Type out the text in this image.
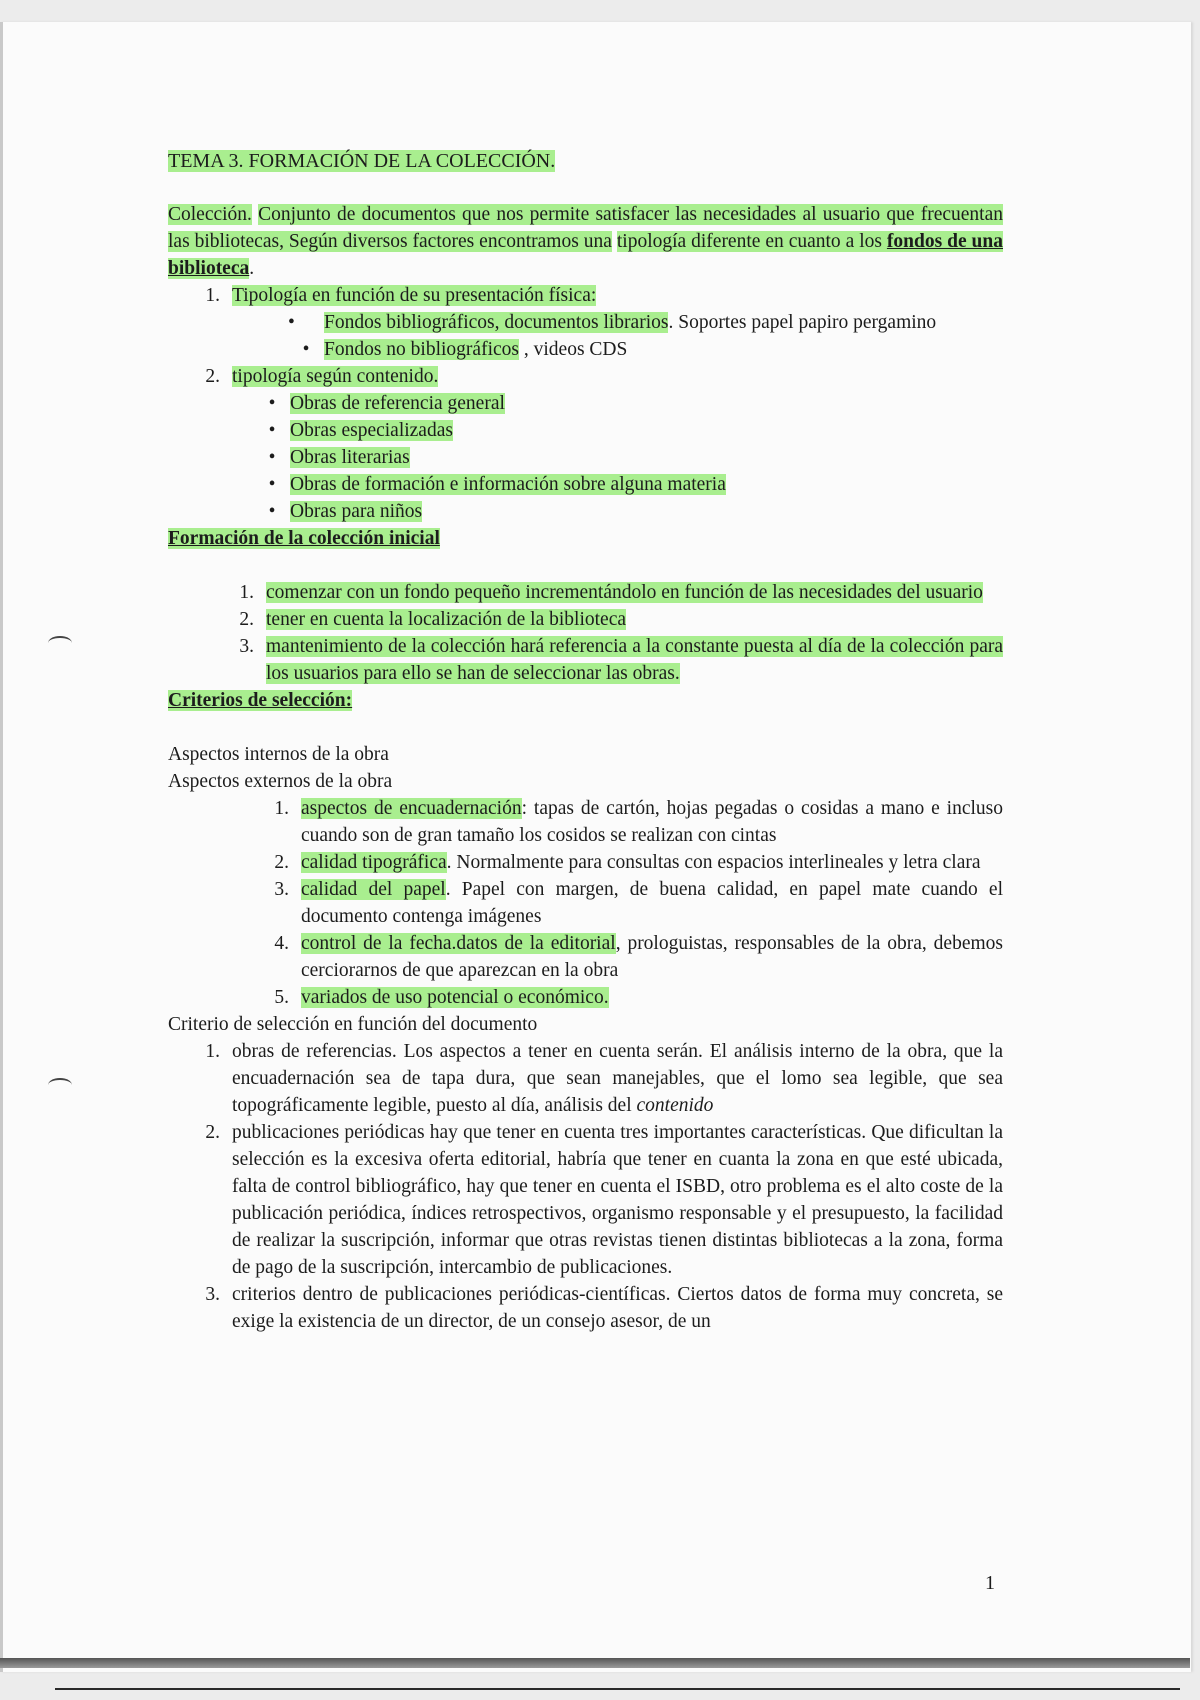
TEMA 3. FORMACIÓN DE LA COLECCIÓN.

Colección. Conjunto de documentos que nos permite satisfacer las necesidades al usuario que frecuentan las bibliotecas, Según diversos factores encontramos una tipología diferente en cuanto a los fondos de una biblioteca.

1. Tipología en función de su presentación física:
•	Fondos bibliográficos, documentos librarios. Soportes papel papiro pergamino
• Fondos no bibliográficos , videos CDS
2. tipología según contenido.
• Obras de referencia general
• Obras especializadas
• Obras literarias
• Obras de formación e información sobre alguna materia
• Obras para niños

Formación de la colección inicial

1. comenzar con un fondo pequeño incrementándolo en función de las necesidades del usuario
2. tener en cuenta la localización de la biblioteca
3. mantenimiento de la colección hará referencia a la constante puesta al día de la colección para los usuarios para ello se han de seleccionar las obras.

Criterios de selección:

Aspectos internos de la obra

Aspectos externos de la obra

1. aspectos de encuadernación: tapas de cartón, hojas pegadas o cosidas a mano e incluso cuando son de gran tamaño los cosidos se realizan con cintas
2. calidad tipográfica. Normalmente para consultas con espacios interlineales y letra clara
3. calidad del papel. Papel con margen, de buena calidad, en papel mate cuando el documento contenga imágenes
4. control de la fecha.datos de la editorial, prologuistas, responsables de la obra, debemos cerciorarnos de que aparezcan en la obra
5. variados de uso potencial o económico.

Criterio de selección en función del documento

1. obras de referencias. Los aspectos a tener en cuenta serán. El análisis interno de la obra, que la encuadernación sea de tapa dura, que sean manejables, que el lomo sea legible, que sea topográficamente legible, puesto al día, análisis del contenido
2. publicaciones periódicas hay que tener en cuenta tres importantes características. Que dificultan la selección es la excesiva oferta editorial, habría que tener en cuanta la zona en que esté ubicada, falta de control bibliográfico, hay que tener en cuenta el ISBD, otro problema es el alto coste de la publicación periódica, índices retrospectivos, organismo responsable y el presupuesto, la facilidad de realizar la suscripción, informar que otras revistas tienen distintas bibliotecas a la zona, forma de pago de la suscripción, intercambio de publicaciones.
3. criterios dentro de publicaciones periódicas-científicas. Ciertos datos de forma muy concreta, se exige la existencia de un director, de un consejo asesor, de un
1
